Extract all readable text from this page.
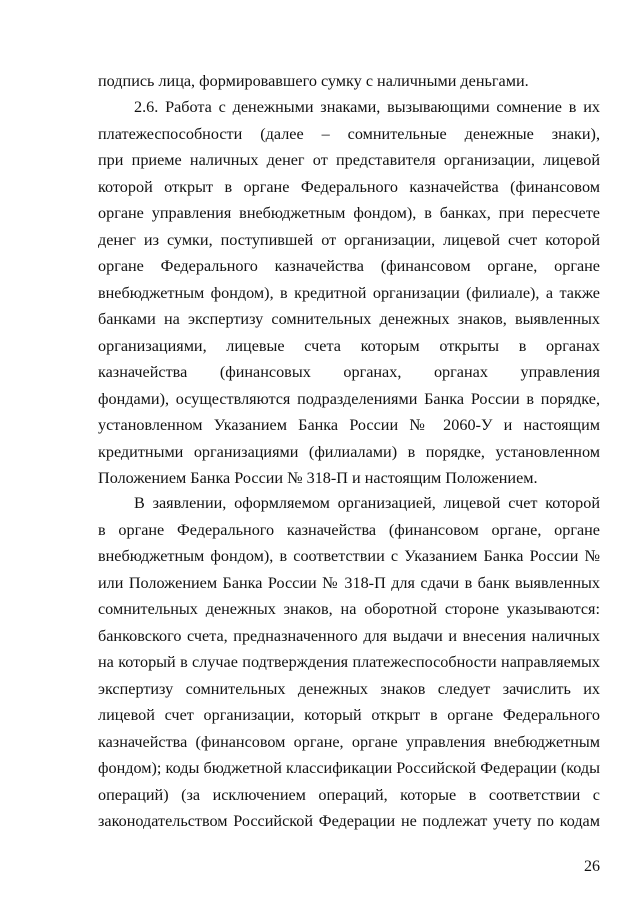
подпись лица, формировавшего сумку с наличными деньгами.
2.6. Работа с денежными знаками, вызывающими сомнение в их
платежеспособности (далее – сомнительные денежные знаки),
при приеме наличных денег от представителя организации, лицевой
которой открыт в органе Федерального казначейства (финансовом
органе управления внебюджетным фондом), в банках, при пересчете
денег из сумки, поступившей от организации, лицевой счет которой
органе Федерального казначейства (финансовом органе, органе
внебюджетным фондом), в кредитной организации (филиале), а также
банками на экспертизу сомнительных денежных знаков, выявленных
организациями, лицевые счета которым открыты в органах
казначейства (финансовых органах, органах управления
фондами), осуществляются подразделениями Банка России в порядке,
установленном Указанием Банка России № 2060-У и настоящим
кредитными организациями (филиалами) в порядке, установленном
Положением Банка России № 318-П и настоящим Положением.
В заявлении, оформляемом организацией, лицевой счет которой
в органе Федерального казначейства (финансовом органе, органе
внебюджетным фондом), в соответствии с Указанием Банка России №
или Положением Банка России № 318-П для сдачи в банк выявленных
сомнительных денежных знаков, на оборотной стороне указываются:
банковского счета, предназначенного для выдачи и внесения наличных
на который в случае подтверждения платежеспособности направляемых
экспертизу сомнительных денежных знаков следует зачислить их
лицевой счет организации, который открыт в органе Федерального
казначейства (финансовом органе, органе управления внебюджетным
фондом); коды бюджетной классификации Российской Федерации (коды
операций) (за исключением операций, которые в соответствии с
законодательством Российской Федерации не подлежат учету по кодам
26
